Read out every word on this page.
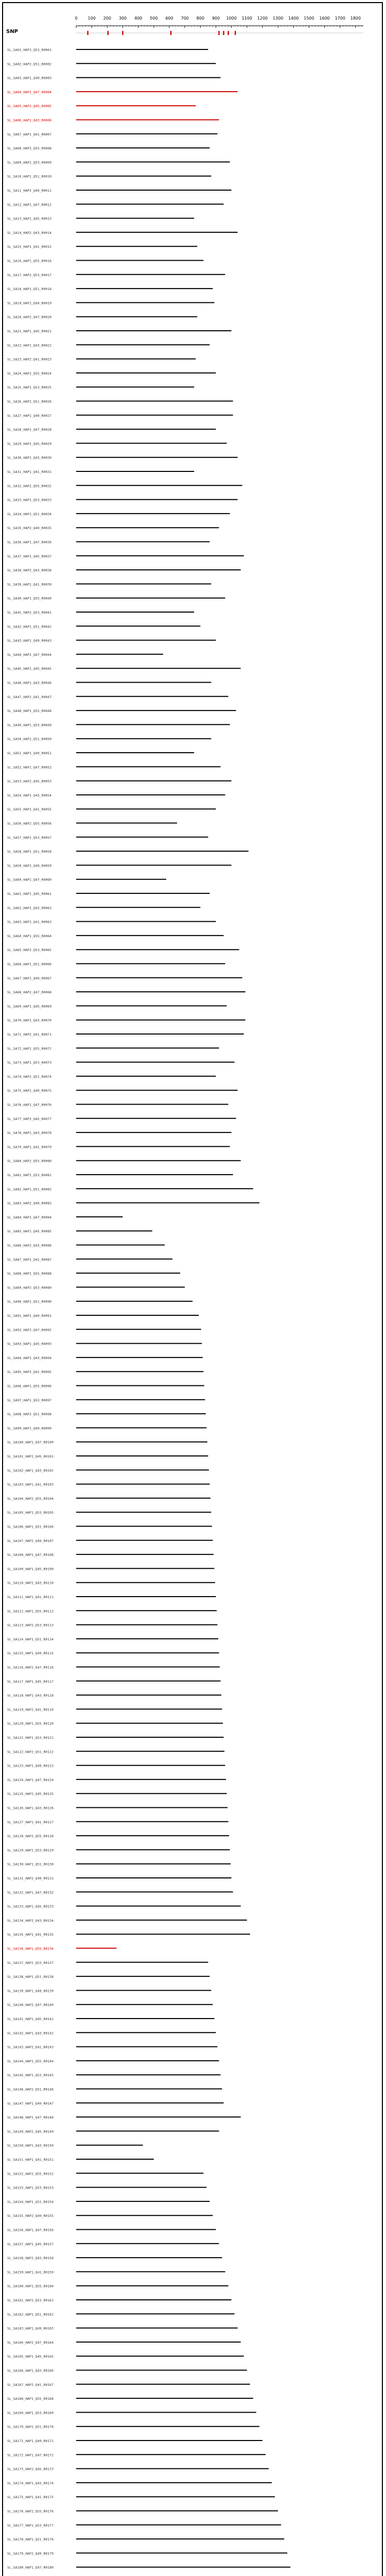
SNP
0 100 200 300 400 500 600 700 800 900 1000 1100 1200 1300 1400 1500 1600 1700 1800
SL_SA01_HAP1_Q53_R0001
SL_SA02_HAP2_Q51_R0002
SL_SA03_HAP1_Q49_R0003
SL_SA04_HAP1_Q47_R0004
SL_SA05_HAP2_Q45_R0005
SL_SA06_HAP1_Q43_R0006
SL_SA07_HAP1_Q41_R0007
SL_SA08_HAP2_Q55_R0008
SL_SA09_HAP1_Q53_R0009
SL_SA10_HAP1_Q51_R0010
SL_SA11_HAP2_Q49_R0011
SL_SA12_HAP1_Q47_R0012
SL_SA13_HAP1_Q45_R0013
SL_SA14_HAP2_Q43_R0014
SL_SA15_HAP1_Q41_R0015
SL_SA16_HAP1_Q55_R0016
SL_SA17_HAP2_Q53_R0017
SL_SA18_HAP1_Q51_R0018
SL_SA19_HAP1_Q49_R0019
SL_SA20_HAP2_Q47_R0020
SL_SA21_HAP1_Q45_R0021
SL_SA22_HAP1_Q43_R0022
SL_SA23_HAP2_Q41_R0023
SL_SA24_HAP1_Q55_R0024
SL_SA25_HAP1_Q53_R0025
SL_SA26_HAP2_Q51_R0026
SL_SA27_HAP1_Q49_R0027
SL_SA28_HAP1_Q47_R0028
SL_SA29_HAP2_Q45_R0029
SL_SA30_HAP1_Q43_R0030
SL_SA31_HAP1_Q41_R0031
SL_SA32_HAP2_Q55_R0032
SL_SA33_HAP1_Q53_R0033
SL_SA34_HAP1_Q51_R0034
SL_SA35_HAP2_Q49_R0035
SL_SA36_HAP1_Q47_R0036
SL_SA37_HAP1_Q45_R0037
SL_SA38_HAP2_Q43_R0038
SL_SA39_HAP1_Q41_R0039
SL_SA40_HAP1_Q55_R0040
SL_SA41_HAP2_Q53_R0041
SL_SA42_HAP1_Q51_R0042
SL_SA43_HAP1_Q49_R0043
SL_SA44_HAP2_Q47_R0044
SL_SA45_HAP1_Q45_R0045
SL_SA46_HAP1_Q43_R0046
SL_SA47_HAP2_Q41_R0047
SL_SA48_HAP1_Q55_R0048
SL_SA49_HAP1_Q53_R0049
SL_SA50_HAP2_Q51_R0050
SL_SA51_HAP1_Q49_R0051
SL_SA52_HAP1_Q47_R0052
SL_SA53_HAP2_Q45_R0053
SL_SA54_HAP1_Q43_R0054
SL_SA55_HAP1_Q41_R0055
SL_SA56_HAP2_Q55_R0056
SL_SA57_HAP1_Q53_R0057
SL_SA58_HAP1_Q51_R0058
SL_SA59_HAP2_Q49_R0059
SL_SA60_HAP1_Q47_R0060
SL_SA61_HAP1_Q45_R0061
SL_SA62_HAP2_Q43_R0062
SL_SA63_HAP1_Q41_R0063
SL_SA64_HAP1_Q55_R0064
SL_SA65_HAP2_Q53_R0065
SL_SA66_HAP1_Q51_R0066
SL_SA67_HAP1_Q49_R0067
SL_SA68_HAP2_Q47_R0068
SL_SA69_HAP1_Q45_R0069
SL_SA70_HAP1_Q43_R0070
SL_SA71_HAP2_Q41_R0071
SL_SA72_HAP1_Q55_R0072
SL_SA73_HAP1_Q53_R0073
SL_SA74_HAP2_Q51_R0074
SL_SA75_HAP1_Q49_R0075
SL_SA76_HAP1_Q47_R0076
SL_SA77_HAP2_Q45_R0077
SL_SA78_HAP1_Q43_R0078
SL_SA79_HAP1_Q41_R0079
SL_SA80_HAP2_Q55_R0080
SL_SA81_HAP1_Q53_R0081
SL_SA82_HAP1_Q51_R0082
SL_SA83_HAP2_Q49_R0083
SL_SA84_HAP1_Q47_R0084
SL_SA85_HAP1_Q45_R0085
SL_SA86_HAP2_Q43_R0086
SL_SA87_HAP1_Q41_R0087
SL_SA88_HAP1_Q55_R0088
SL_SA89_HAP2_Q53_R0089
SL_SA90_HAP1_Q51_R0090
SL_SA91_HAP1_Q49_R0091
SL_SA92_HAP2_Q47_R0092
SL_SA93_HAP1_Q45_R0093
SL_SA94_HAP1_Q43_R0094
SL_SA95_HAP2_Q41_R0095
SL_SA96_HAP1_Q55_R0096
SL_SA97_HAP1_Q53_R0097
SL_SA98_HAP2_Q51_R0098
SL_SA99_HAP1_Q49_R0099
SL_SA100_HAP1_Q47_R0100
SL_SA101_HAP2_Q45_R0101
SL_SA102_HAP1_Q43_R0102
SL_SA103_HAP1_Q41_R0103
SL_SA104_HAP2_Q55_R0104
SL_SA105_HAP1_Q53_R0105
SL_SA106_HAP1_Q51_R0106
SL_SA107_HAP2_Q49_R0107
SL_SA108_HAP1_Q47_R0108
SL_SA109_HAP1_Q45_R0109
SL_SA110_HAP2_Q43_R0110
SL_SA111_HAP1_Q41_R0111
SL_SA112_HAP1_Q55_R0112
SL_SA113_HAP2_Q53_R0113
SL_SA114_HAP1_Q51_R0114
SL_SA115_HAP1_Q49_R0115
SL_SA116_HAP2_Q47_R0116
SL_SA117_HAP1_Q45_R0117
SL_SA118_HAP1_Q43_R0118
SL_SA119_HAP2_Q41_R0119
SL_SA120_HAP1_Q55_R0120
SL_SA121_HAP1_Q53_R0121
SL_SA122_HAP2_Q51_R0122
SL_SA123_HAP1_Q49_R0123
SL_SA124_HAP1_Q47_R0124
SL_SA125_HAP2_Q45_R0125
SL_SA126_HAP1_Q43_R0126
SL_SA127_HAP1_Q41_R0127
SL_SA128_HAP2_Q55_R0128
SL_SA129_HAP1_Q53_R0129
SL_SA130_HAP1_Q51_R0130
SL_SA131_HAP2_Q49_R0131
SL_SA132_HAP1_Q47_R0132
SL_SA133_HAP1_Q45_R0133
SL_SA134_HAP2_Q43_R0134
SL_SA135_HAP1_Q41_R0135
SL_SA136_HAP1_Q55_R0136
SL_SA137_HAP2_Q53_R0137
SL_SA138_HAP1_Q51_R0138
SL_SA139_HAP1_Q49_R0139
SL_SA140_HAP2_Q47_R0140
SL_SA141_HAP1_Q45_R0141
SL_SA142_HAP1_Q43_R0142
SL_SA143_HAP2_Q41_R0143
SL_SA144_HAP1_Q55_R0144
SL_SA145_HAP1_Q53_R0145
SL_SA146_HAP2_Q51_R0146
SL_SA147_HAP1_Q49_R0147
SL_SA148_HAP1_Q47_R0148
SL_SA149_HAP2_Q45_R0149
SL_SA150_HAP1_Q43_R0150
SL_SA151_HAP1_Q41_R0151
SL_SA152_HAP2_Q55_R0152
SL_SA153_HAP1_Q53_R0153
SL_SA154_HAP1_Q51_R0154
SL_SA155_HAP2_Q49_R0155
SL_SA156_HAP1_Q47_R0156
SL_SA157_HAP1_Q45_R0157
SL_SA158_HAP2_Q43_R0158
SL_SA159_HAP1_Q41_R0159
SL_SA160_HAP1_Q55_R0160
SL_SA161_HAP2_Q53_R0161
SL_SA162_HAP1_Q51_R0162
SL_SA163_HAP1_Q49_R0163
SL_SA164_HAP2_Q47_R0164
SL_SA165_HAP1_Q45_R0165
SL_SA166_HAP1_Q43_R0166
SL_SA167_HAP2_Q41_R0167
SL_SA168_HAP1_Q55_R0168
SL_SA169_HAP1_Q53_R0169
SL_SA170_HAP2_Q51_R0170
SL_SA171_HAP1_Q49_R0171
SL_SA172_HAP1_Q47_R0172
SL_SA173_HAP2_Q45_R0173
SL_SA174_HAP1_Q43_R0174
SL_SA175_HAP1_Q41_R0175
SL_SA176_HAP2_Q55_R0176
SL_SA177_HAP1_Q53_R0177
SL_SA178_HAP1_Q51_R0178
SL_SA179_HAP2_Q49_R0179
SL_SA180_HAP1_Q47_R0180
